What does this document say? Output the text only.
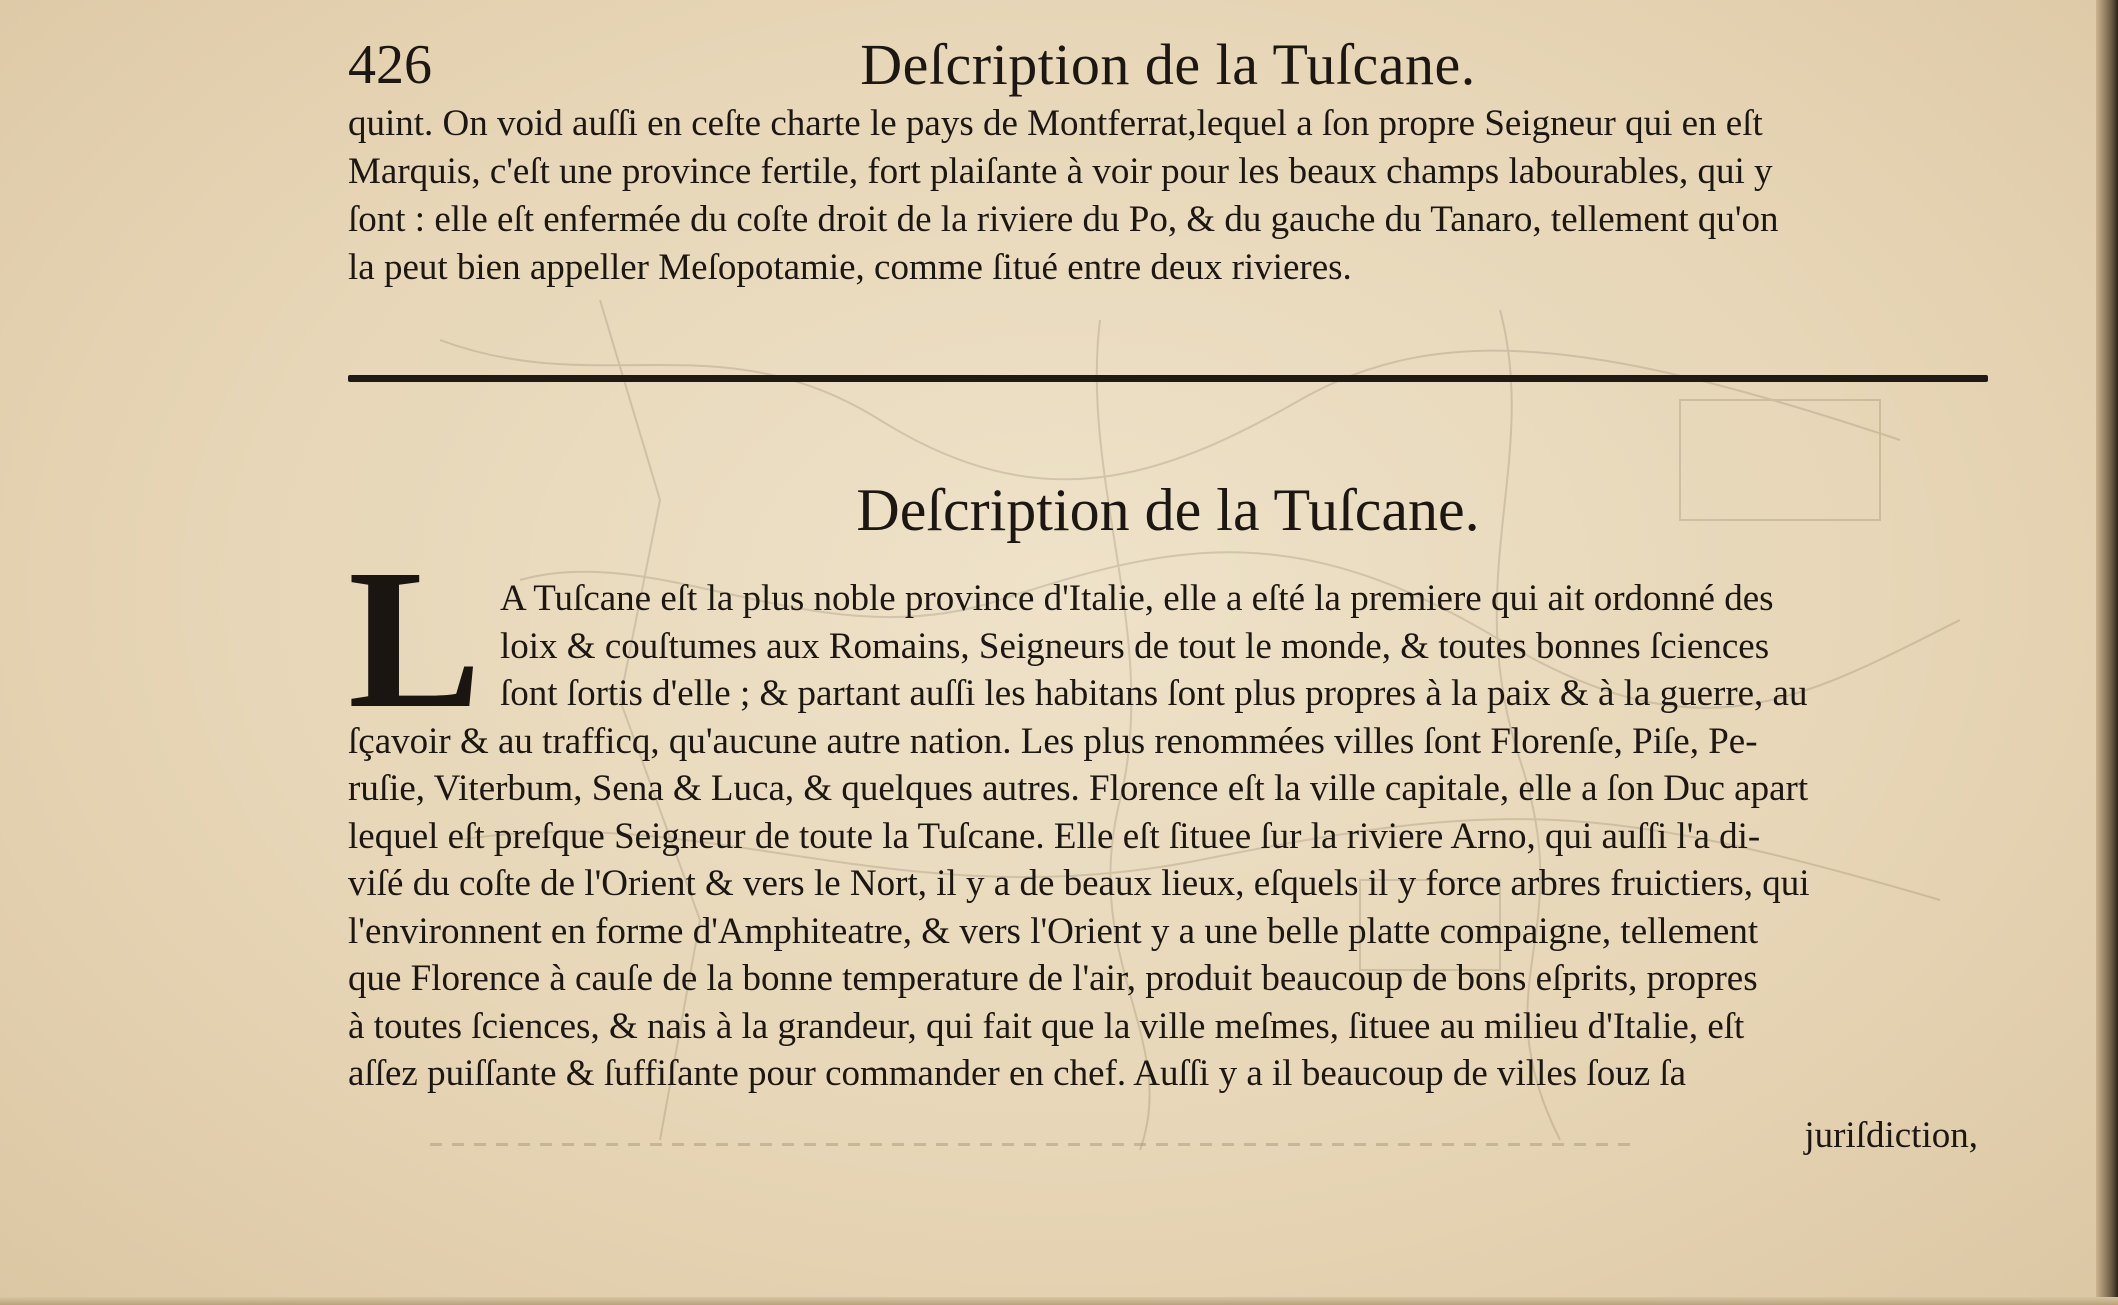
426	Deſcription de la Tuſcane.
quint. On void auſſi en ceſte charte le pays de Montferrat,lequel a ſon propre Seigneur qui en eſt
Marquis, c'eſt une province fertile, fort plaiſante à voir pour les beaux champs labourables, qui y
ſont : elle eſt enfermée du coſte droit de la riviere du Po, & du gauche du Tanaro, tellement qu'on
la peut bien appeller Meſopotamie, comme ſitué entre deux rivieres.
Deſcription de la Tuſcane.
L A Tuſcane eſt la plus noble province d'Italie, elle a eſté la premiere qui ait ordonné des
loix & couſtumes aux Romains, Seigneurs de tout le monde, & toutes bonnes ſciences
ſont ſortis d'elle ; & partant auſſi les habitans ſont plus propres à la paix & à la guerre, au
ſçavoir & au trafficq, qu'aucune autre nation. Les plus renommées villes ſont Florenſe, Piſe, Pe-
ruſie, Viterbum, Sena & Luca, & quelques autres. Florence eſt la ville capitale, elle a ſon Duc apart
lequel eſt preſque Seigneur de toute la Tuſcane. Elle eſt ſituee ſur la riviere Arno, qui auſſi l'a di-
viſé du coſte de l'Orient & vers le Nort, il y a de beaux lieux, eſquels il y force arbres fruictiers, qui
l'environnent en forme d'Amphiteatre, & vers l'Orient y a une belle platte compaigne, tellement
que Florence à cauſe de la bonne temperature de l'air, produit beaucoup de bons eſprits, propres
à toutes ſciences, & nais à la grandeur, qui fait que la ville meſmes, ſituee au milieu d'Italie, eſt
aſſez puiſſante & ſuffiſante pour commander en chef. Auſſi y a il beaucoup de villes ſouz ſa
juriſdiction,
